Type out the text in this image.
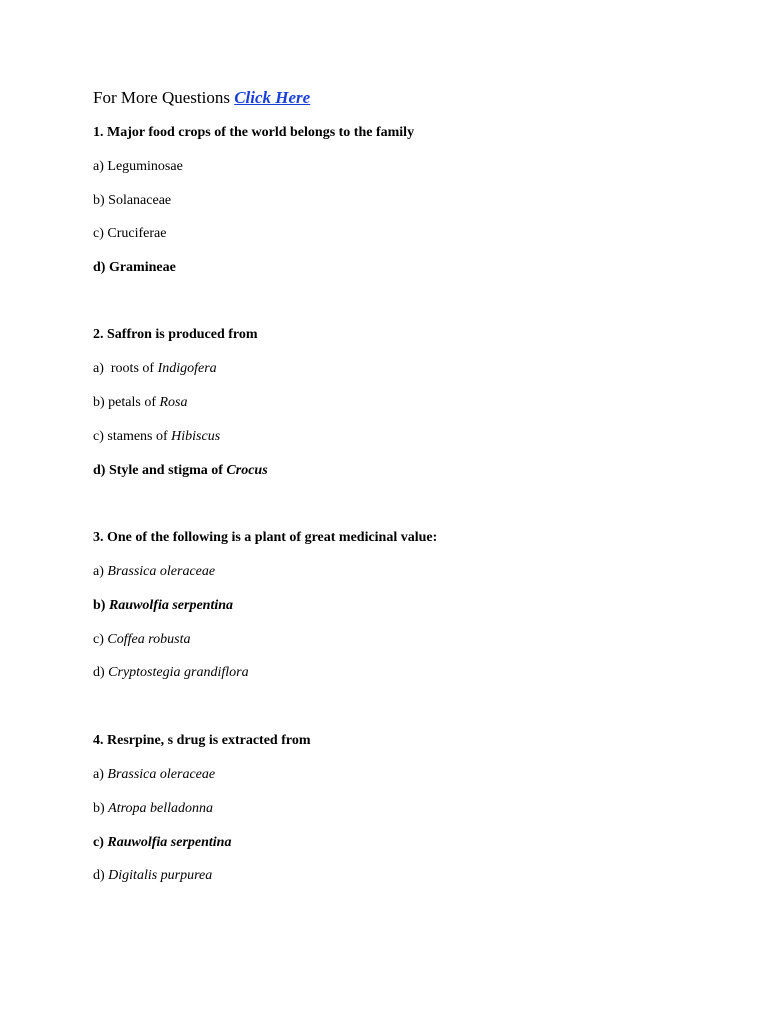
For More Questions Click Here
1. Major food crops of the world belongs to the family
a) Leguminosae
b) Solanaceae
c) Cruciferae
d) Gramineae
2. Saffron is produced from
a)  roots of Indigofera
b) petals of Rosa
c) stamens of Hibiscus
d) Style and stigma of Crocus
3. One of the following is a plant of great medicinal value:
a) Brassica oleraceae
b) Rauwolfia serpentina
c) Coffea robusta
d) Cryptostegia grandiflora
4. Resrpine, s drug is extracted from
a) Brassica oleraceae
b) Atropa belladonna
c) Rauwolfia serpentina
d) Digitalis purpurea
